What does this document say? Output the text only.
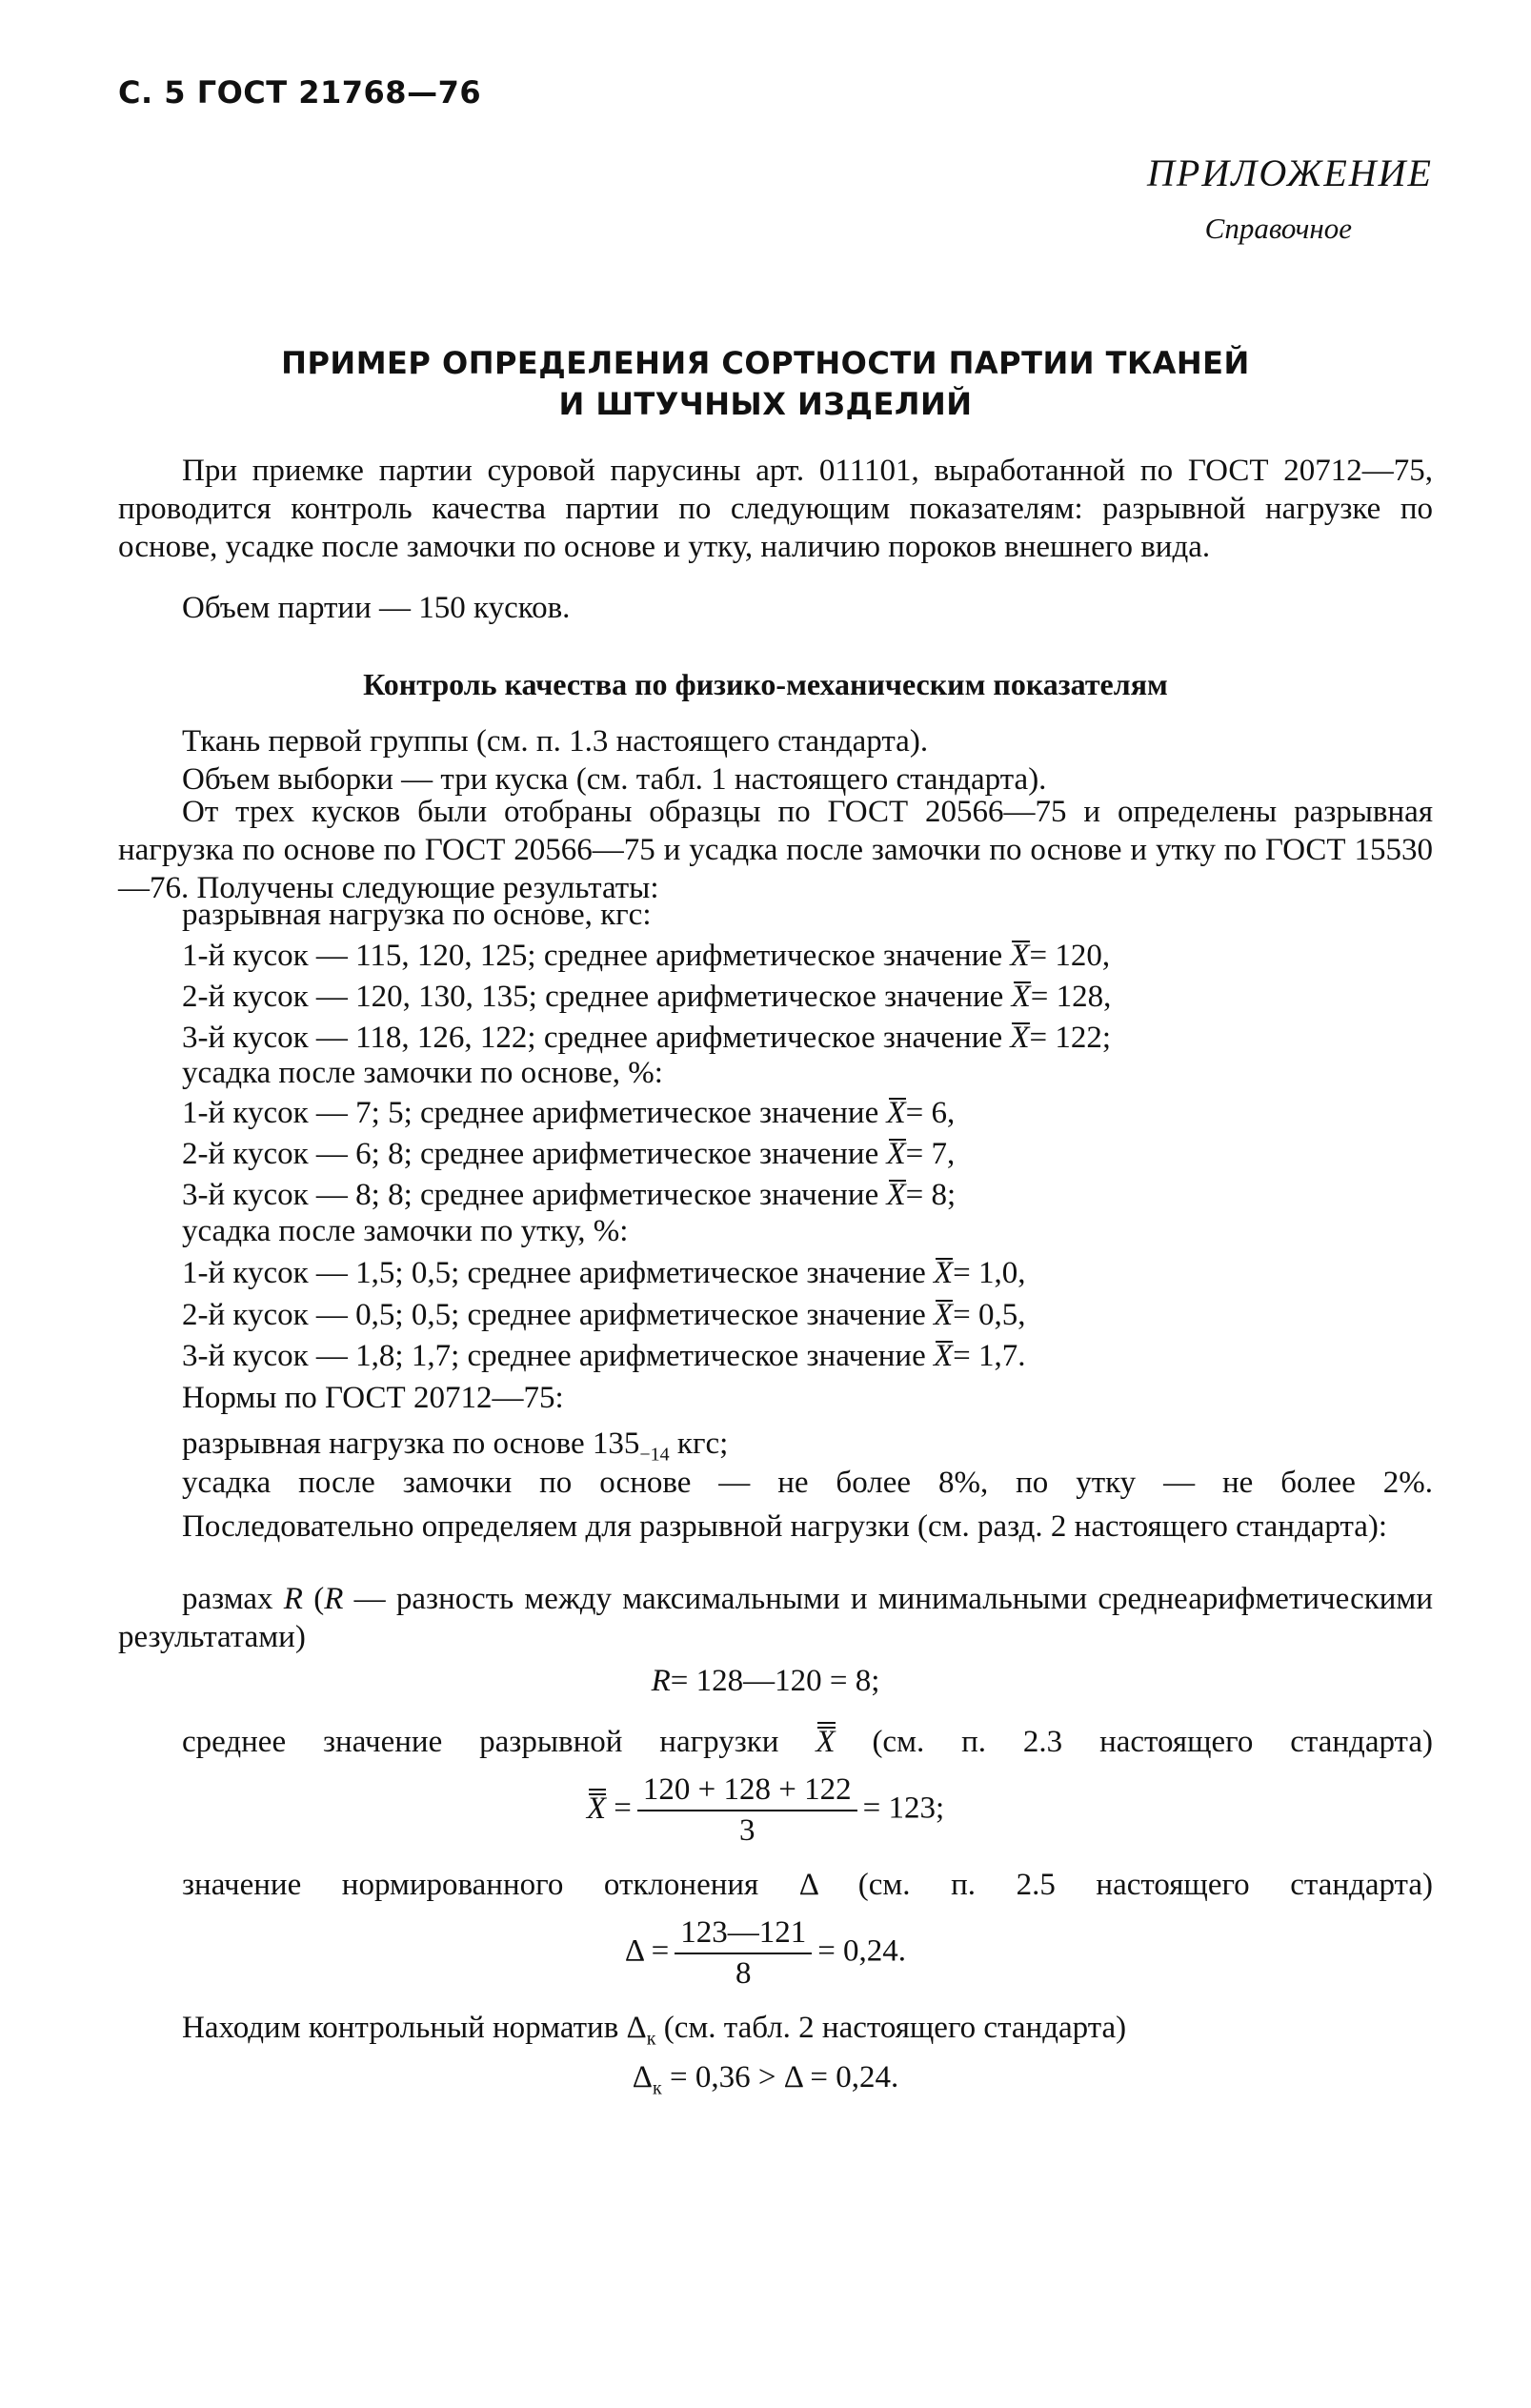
С. 5 ГОСТ 21768—76
ПРИЛОЖЕНИЕ
Справочное
ПРИМЕР ОПРЕДЕЛЕНИЯ СОРТНОСТИ ПАРТИИ ТКАНЕЙ
И ШТУЧНЫХ ИЗДЕЛИЙ
При приемке партии суровой парусины арт. 011101, выработанной по ГОСТ 20712—75, проводится контроль качества партии по следующим показателям: разрывной нагрузке по основе, усадке после замочки по основе и утку, наличию пороков внешнего вида.
Объем партии — 150 кусков.
Контроль качества по физико-механическим показателям
Ткань первой группы (см. п. 1.3 настоящего стандарта).
Объем выборки — три куска (см. табл. 1 настоящего стандарта).
От трех кусков были отобраны образцы по ГОСТ 20566—75 и определены разрывная нагрузка по основе по ГОСТ 20566—75 и усадка после замочки по основе и утку по ГОСТ 15530—76. Получены следующие результаты:
разрывная нагрузка по основе, кгс:
1-й кусок — 115, 120, 125; среднее арифметическое значение X= 120,
2-й кусок — 120, 130, 135; среднее арифметическое значение X= 128,
3-й кусок — 118, 126, 122; среднее арифметическое значение X= 122;
усадка после замочки по основе, %:
1-й кусок — 7; 5; среднее арифметическое значение X= 6,
2-й кусок — 6; 8; среднее арифметическое значение X= 7,
3-й кусок — 8; 8; среднее арифметическое значение X= 8;
усадка после замочки по утку, %:
1-й кусок — 1,5; 0,5; среднее арифметическое значение X= 1,0,
2-й кусок — 0,5; 0,5; среднее арифметическое значение X= 0,5,
3-й кусок — 1,8; 1,7; среднее арифметическое значение X= 1,7.
Нормы по ГОСТ 20712—75:
разрывная нагрузка по основе $135_{-14}$ кгс;
усадка после замочки по основе — не более 8%, по утку — не более 2%.
Последовательно определяем для разрывной нагрузки (см. разд. 2 настоящего стандарта):
размах R (R — разность между максимальными и минимальными среднеарифметическими результатами)
R= 128—120 = 8;
среднее значение разрывной нагрузки X (см. п. 2.3 настоящего стандарта)
$X = \frac{120 + 128 + 122}{3} = 123$;
значение нормированного отклонения Δ (см. п. 2.5 настоящего стандарта)
$\Delta = \frac{123—121}{8} = 0,24$.
Находим контрольный норматив $\Delta_к$ (см. табл. 2 настоящего стандарта)
$\Delta_к = 0,36 > \Delta = 0,24$.
